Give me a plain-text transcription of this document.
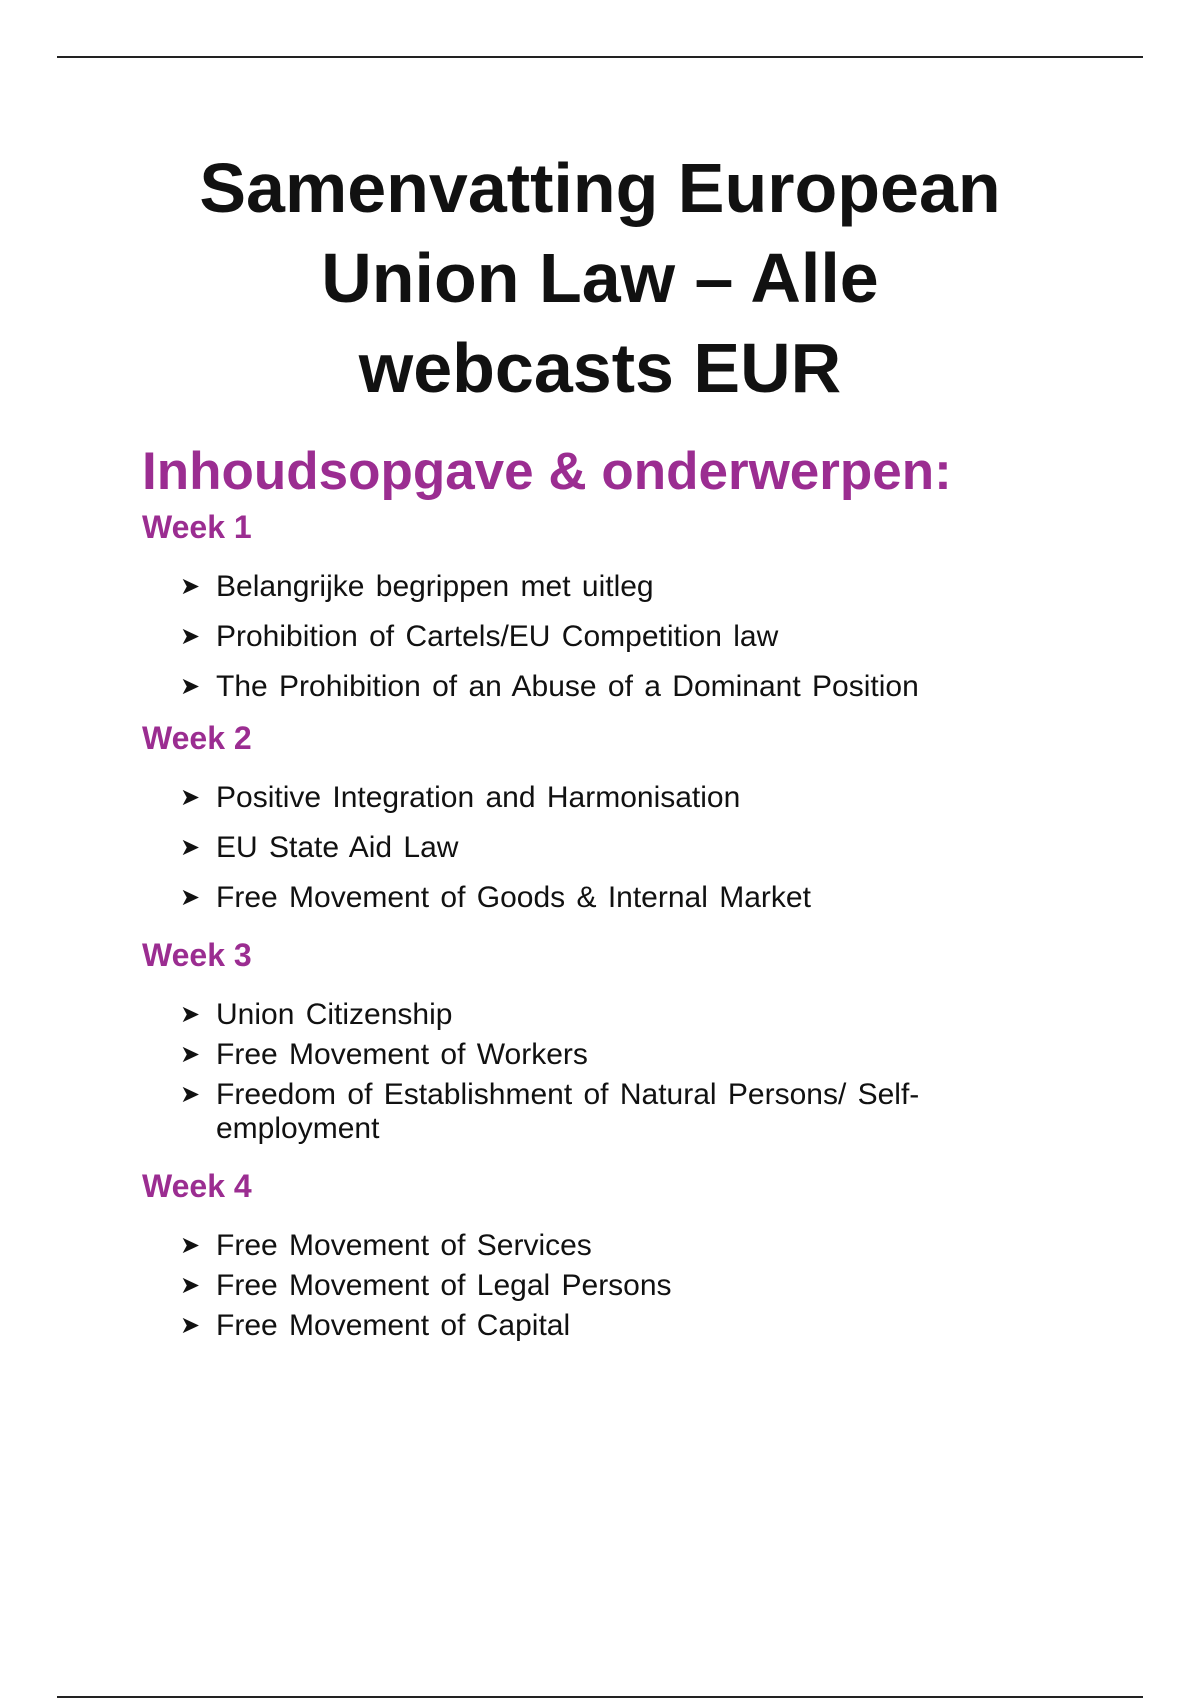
Samenvatting European
Union Law – Alle
webcasts EUR
Inhoudsopgave & onderwerpen:
Week 1
➤ Belangrijke begrippen met uitleg
➤ Prohibition of Cartels/EU Competition law
➤ The Prohibition of an Abuse of a Dominant Position
Week 2
➤ Positive Integration and Harmonisation
➤ EU State Aid Law
➤ Free Movement of Goods & Internal Market
Week 3
➤ Union Citizenship
➤ Free Movement of Workers
➤ Freedom of Establishment of Natural Persons/ Self-employment
Week 4
➤ Free Movement of Services
➤ Free Movement of Legal Persons
➤ Free Movement of Capital
